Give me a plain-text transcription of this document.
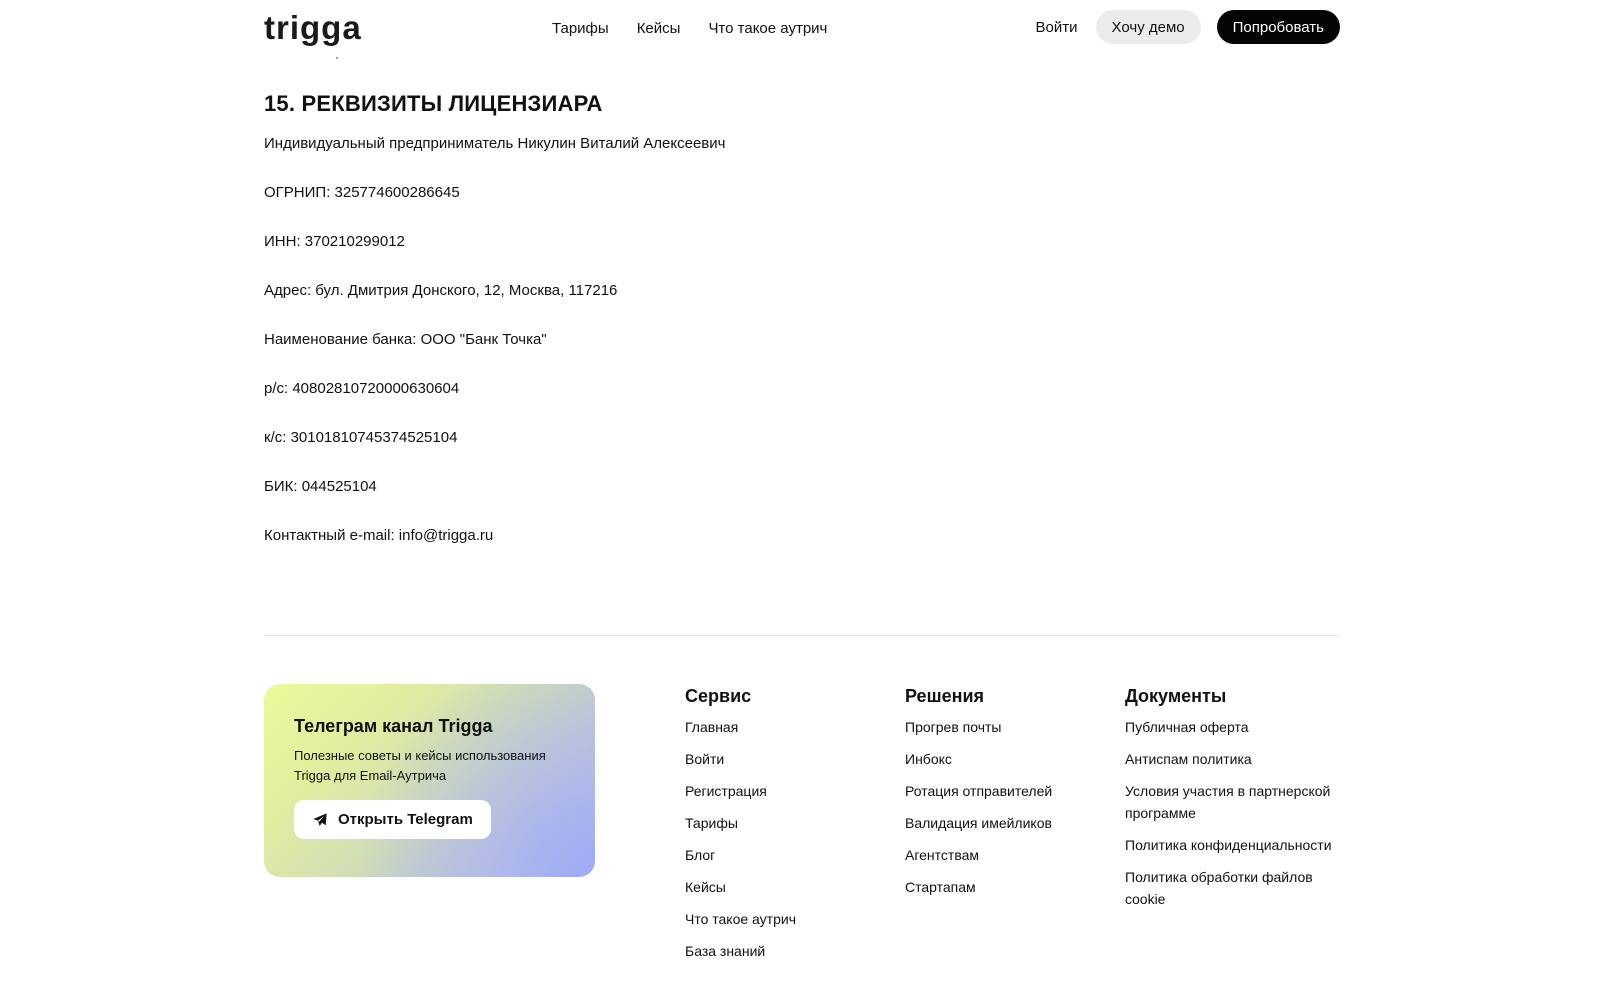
trigga	Тарифы Кейсы Что такое аутрич	Войти	Хочу демо	Попробовать
15. РЕКВИЗИТЫ ЛИЦЕНЗИАРА
Индивидуальный предприниматель Никулин Виталий Алексеевич
ОГРНИП: 325774600286645
ИНН: 370210299012
Адрес: бул. Дмитрия Донского, 12, Москва, 117216
Наименование банка: ООО "Банк Точка"
р/с: 40802810720000630604
к/с: 30101810745374525104
БИК: 044525104
Контактный e-mail: info@trigga.ru
Телеграм канал Trigga

Полезные советы и кейсы использования Trigga для Email-Аутрича

Открыть Telegram
Сервис
Главная
Войти
Регистрация
Тарифы
Блог
Кейсы
Что такое аутрич
База знаний
Решения
Прогрев почты
Инбокс
Ротация отправителей
Валидация имейликов
Агентствам
Стартапам
Документы
Публичная оферта
Антиспам политика
Условия участия в партнерской программе
Политика конфиденциальности
Политика обработки файлов cookie
